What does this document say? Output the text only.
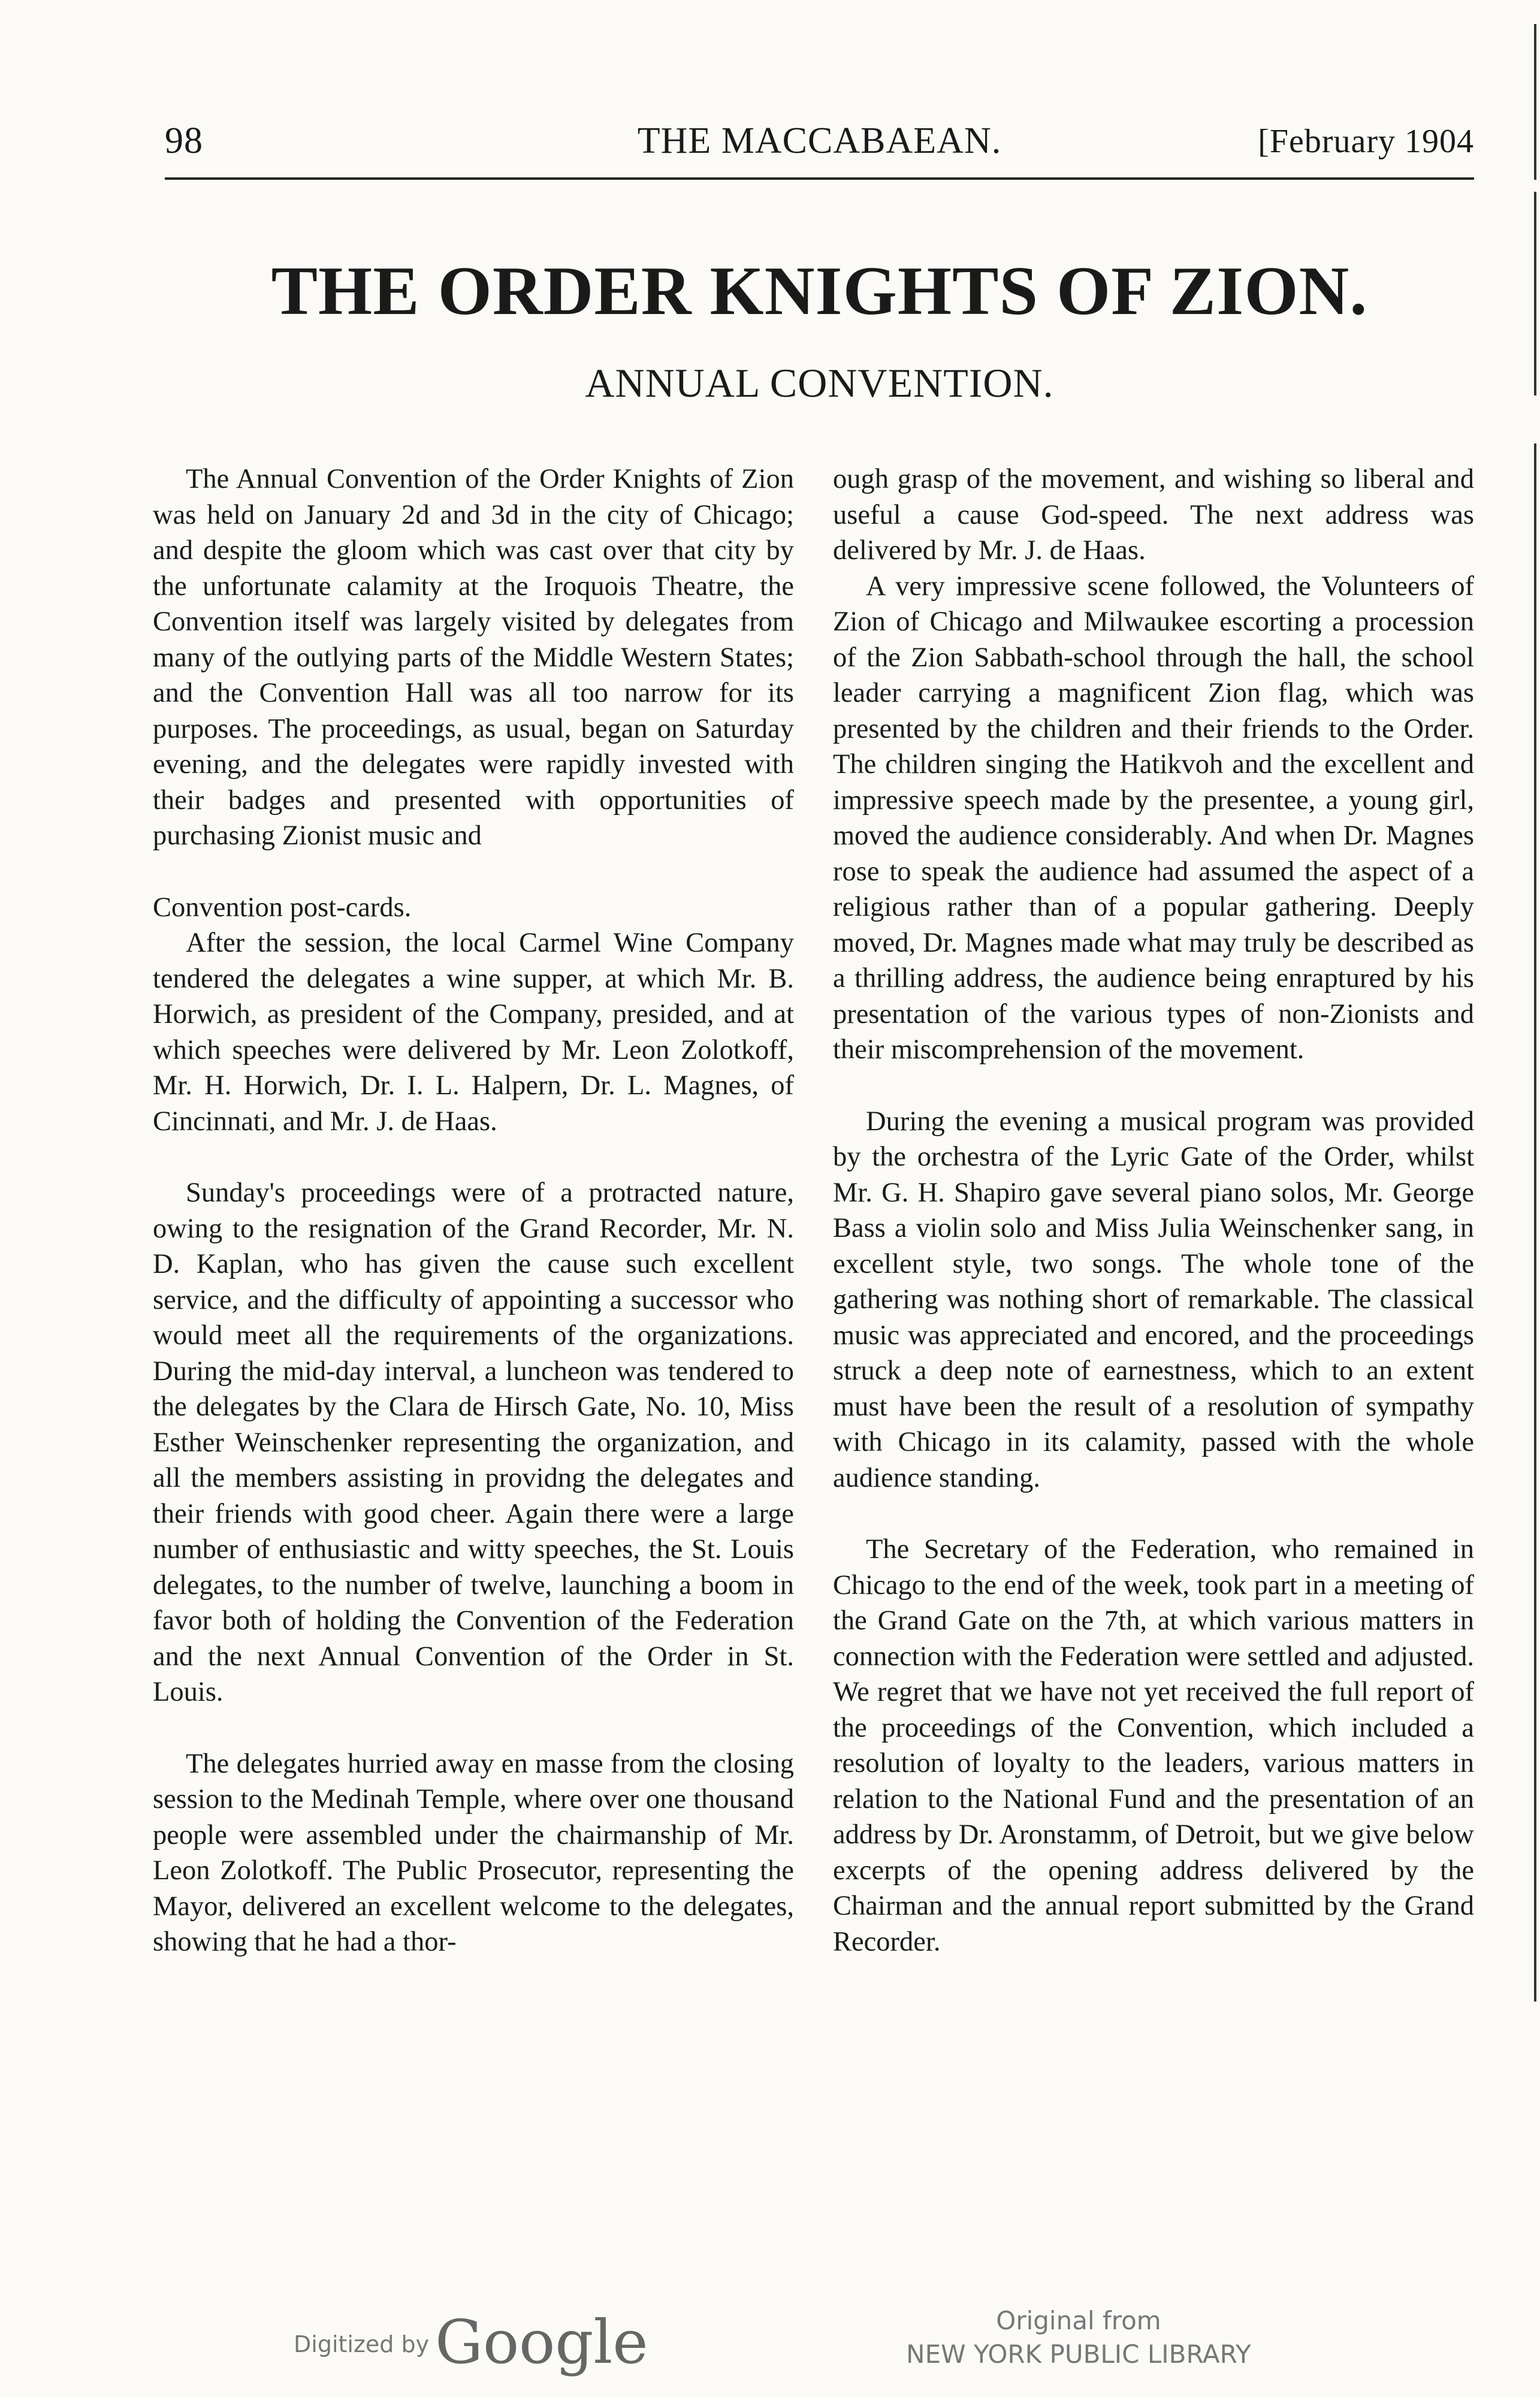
98	THE MACCABAEAN.	[February 1904
THE ORDER KNIGHTS OF ZION.
ANNUAL CONVENTION.

The Annual Convention of the Order Knights of Zion was held on January 2d and 3d in the city of Chicago; and despite the gloom which was cast over that city by the unfortunate calamity at the Iroquois Theatre, the Convention itself was largely visited by delegates from many of the outlying parts of the Middle Western States; and the Convention Hall was all too narrow for its purposes. The proceedings, as usual, began on Saturday evening, and the delegates were rapidly invested with their badges and presented with opportunities of purchasing Zionist music and

Convention post-cards.

After the session, the local Carmel Wine Company tendered the delegates a wine supper, at which Mr. B. Horwich, as president of the Company, presided, and at which speeches were delivered by Mr. Leon Zolotkoff, Mr. H. Horwich, Dr. I. L. Halpern, Dr. L. Magnes, of Cincinnati, and Mr. J. de Haas.

Sunday's proceedings were of a protracted nature, owing to the resignation of the Grand Recorder, Mr. N. D. Kaplan, who has given the cause such excellent service, and the difficulty of appointing a successor who would meet all the requirements of the organizations. During the mid-day interval, a luncheon was tendered to the delegates by the Clara de Hirsch Gate, No. 10, Miss Esther Weinschenker representing the organization, and all the members assisting in providng the delegates and their friends with good cheer. Again there were a large number of enthusiastic and witty speeches, the St. Louis delegates, to the number of twelve, launching a boom in favor both of holding the Convention of the Federation and the next Annual Convention of the Order in St. Louis.

The delegates hurried away en masse from the closing session to the Medinah Temple, where over one thousand people were assembled under the chairmanship of Mr. Leon Zolotkoff. The Public Prosecutor, representing the Mayor, delivered an excellent welcome to the delegates, showing that he had a thor-

ough grasp of the movement, and wishing so liberal and useful a cause God-speed. The next address was delivered by Mr. J. de Haas.

A very impressive scene followed, the Volunteers of Zion of Chicago and Milwaukee escorting a procession of the Zion Sabbath-school through the hall, the school leader carrying a magnificent Zion flag, which was presented by the children and their friends to the Order. The children singing the Hatikvoh and the excellent and impressive speech made by the presentee, a young girl, moved the audience considerably. And when Dr. Magnes rose to speak the audience had assumed the aspect of a religious rather than of a popular gathering. Deeply moved, Dr. Magnes made what may truly be described as a thrilling address, the audience being enraptured by his presentation of the various types of non-Zionists and their miscomprehension of the movement.

During the evening a musical program was provided by the orchestra of the Lyric Gate of the Order, whilst Mr. G. H. Shapiro gave several piano solos, Mr. George Bass a violin solo and Miss Julia Weinschenker sang, in excellent style, two songs. The whole tone of the gathering was nothing short of remarkable. The classical music was appreciated and encored, and the proceedings struck a deep note of earnestness, which to an extent must have been the result of a resolution of sympathy with Chicago in its calamity, passed with the whole audience standing.

The Secretary of the Federation, who remained in Chicago to the end of the week, took part in a meeting of the Grand Gate on the 7th, at which various matters in connection with the Federation were settled and adjusted. We regret that we have not yet received the full report of the proceedings of the Convention, which included a resolution of loyalty to the leaders, various matters in relation to the National Fund and the presentation of an address by Dr. Aronstamm, of Detroit, but we give below excerpts of the opening address delivered by the Chairman and the annual report submitted by the Grand Recorder.

Digitized by Google	Original from
NEW YORK PUBLIC LIBRARY
